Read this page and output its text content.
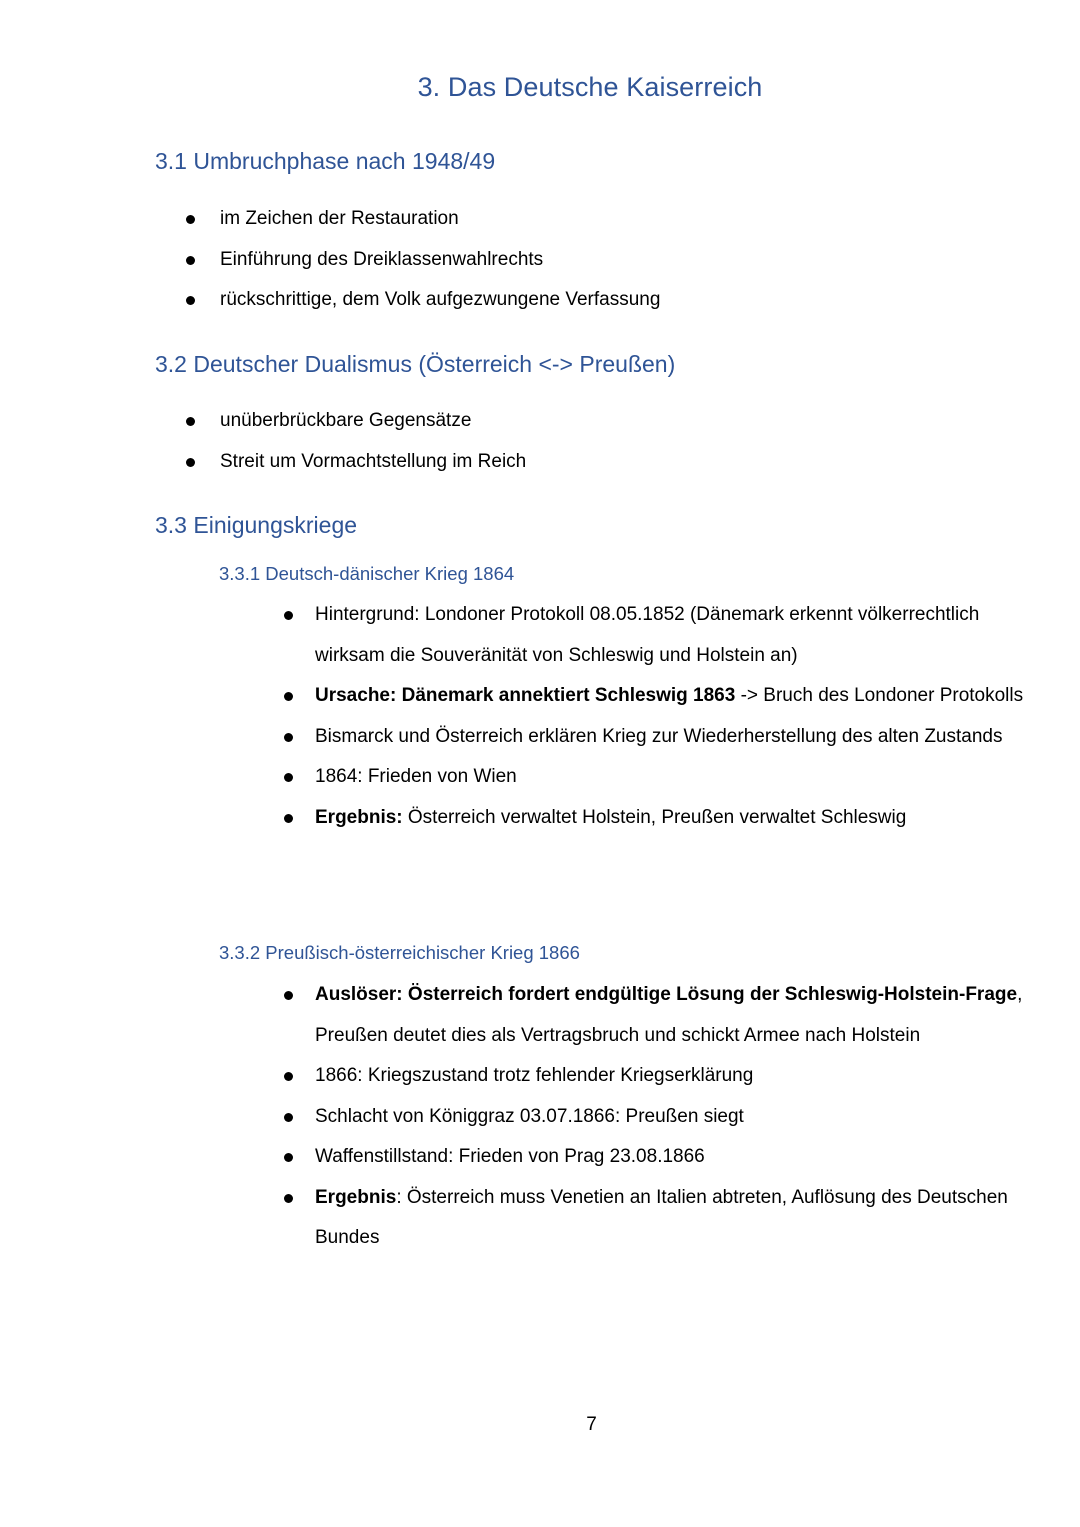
3. Das Deutsche Kaiserreich
3.1 Umbruchphase nach 1948/49
im Zeichen der Restauration
Einführung des Dreiklassenwahlrechts
rückschrittige, dem Volk aufgezwungene Verfassung
3.2 Deutscher Dualismus (Österreich <-> Preußen)
unüberbrückbare Gegensätze
Streit um Vormachtstellung im Reich
3.3 Einigungskriege
3.3.1 Deutsch-dänischer Krieg 1864
Hintergrund: Londoner Protokoll 08.05.1852 (Dänemark erkennt völkerrechtlich wirksam die Souveränität von Schleswig und Holstein an)
Ursache: Dänemark annektiert Schleswig 1863 -> Bruch des Londoner Protokolls
Bismarck und Österreich erklären Krieg zur Wiederherstellung des alten Zustands
1864: Frieden von Wien
Ergebnis: Österreich verwaltet Holstein, Preußen verwaltet Schleswig
3.3.2 Preußisch-österreichischer Krieg 1866
Auslöser: Österreich fordert endgültige Lösung der Schleswig-Holstein-Frage, Preußen deutet dies als Vertragsbruch und schickt Armee nach Holstein
1866: Kriegszustand trotz fehlender Kriegserklärung
Schlacht von Königgraz 03.07.1866: Preußen siegt
Waffenstillstand: Frieden von Prag 23.08.1866
Ergebnis: Österreich muss Venetien an Italien abtreten, Auflösung des Deutschen Bundes
7
